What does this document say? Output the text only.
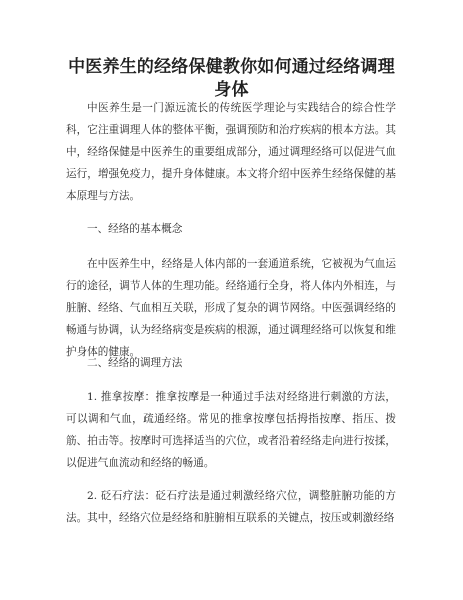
中医养生的经络保健教你如何通过经络调理身体

中医养生是一门源远流长的传统医学理论与实践结合的综合性学科，它注重调理人体的整体平衡，强调预防和治疗疾病的根本方法。其中，经络保健是中医养生的重要组成部分，通过调理经络可以促进气血运行，增强免疫力，提升身体健康。本文将介绍中医养生经络保健的基本原理与方法。

一、经络的基本概念

在中医养生中，经络是人体内部的一套通道系统，它被视为气血运行的途径，调节人体的生理功能。经络通行全身，将人体内外相连，与脏腑、经络、气血相互关联，形成了复杂的调节网络。中医强调经络的畅通与协调，认为经络病变是疾病的根源，通过调理经络可以恢复和维护身体的健康。

二、经络的调理方法

1. 推拿按摩：推拿按摩是一种通过手法对经络进行刺激的方法，可以调和气血，疏通经络。常见的推拿按摩包括拇指按摩、指压、拨筋、拍击等。按摩时可选择适当的穴位，或者沿着经络走向进行按揉，以促进气血流动和经络的畅通。

2. 砭石疗法：砭石疗法是通过刺激经络穴位，调整脏腑功能的方法。其中，经络穴位是经络和脏腑相互联系的关键点，按压或刺激经络
